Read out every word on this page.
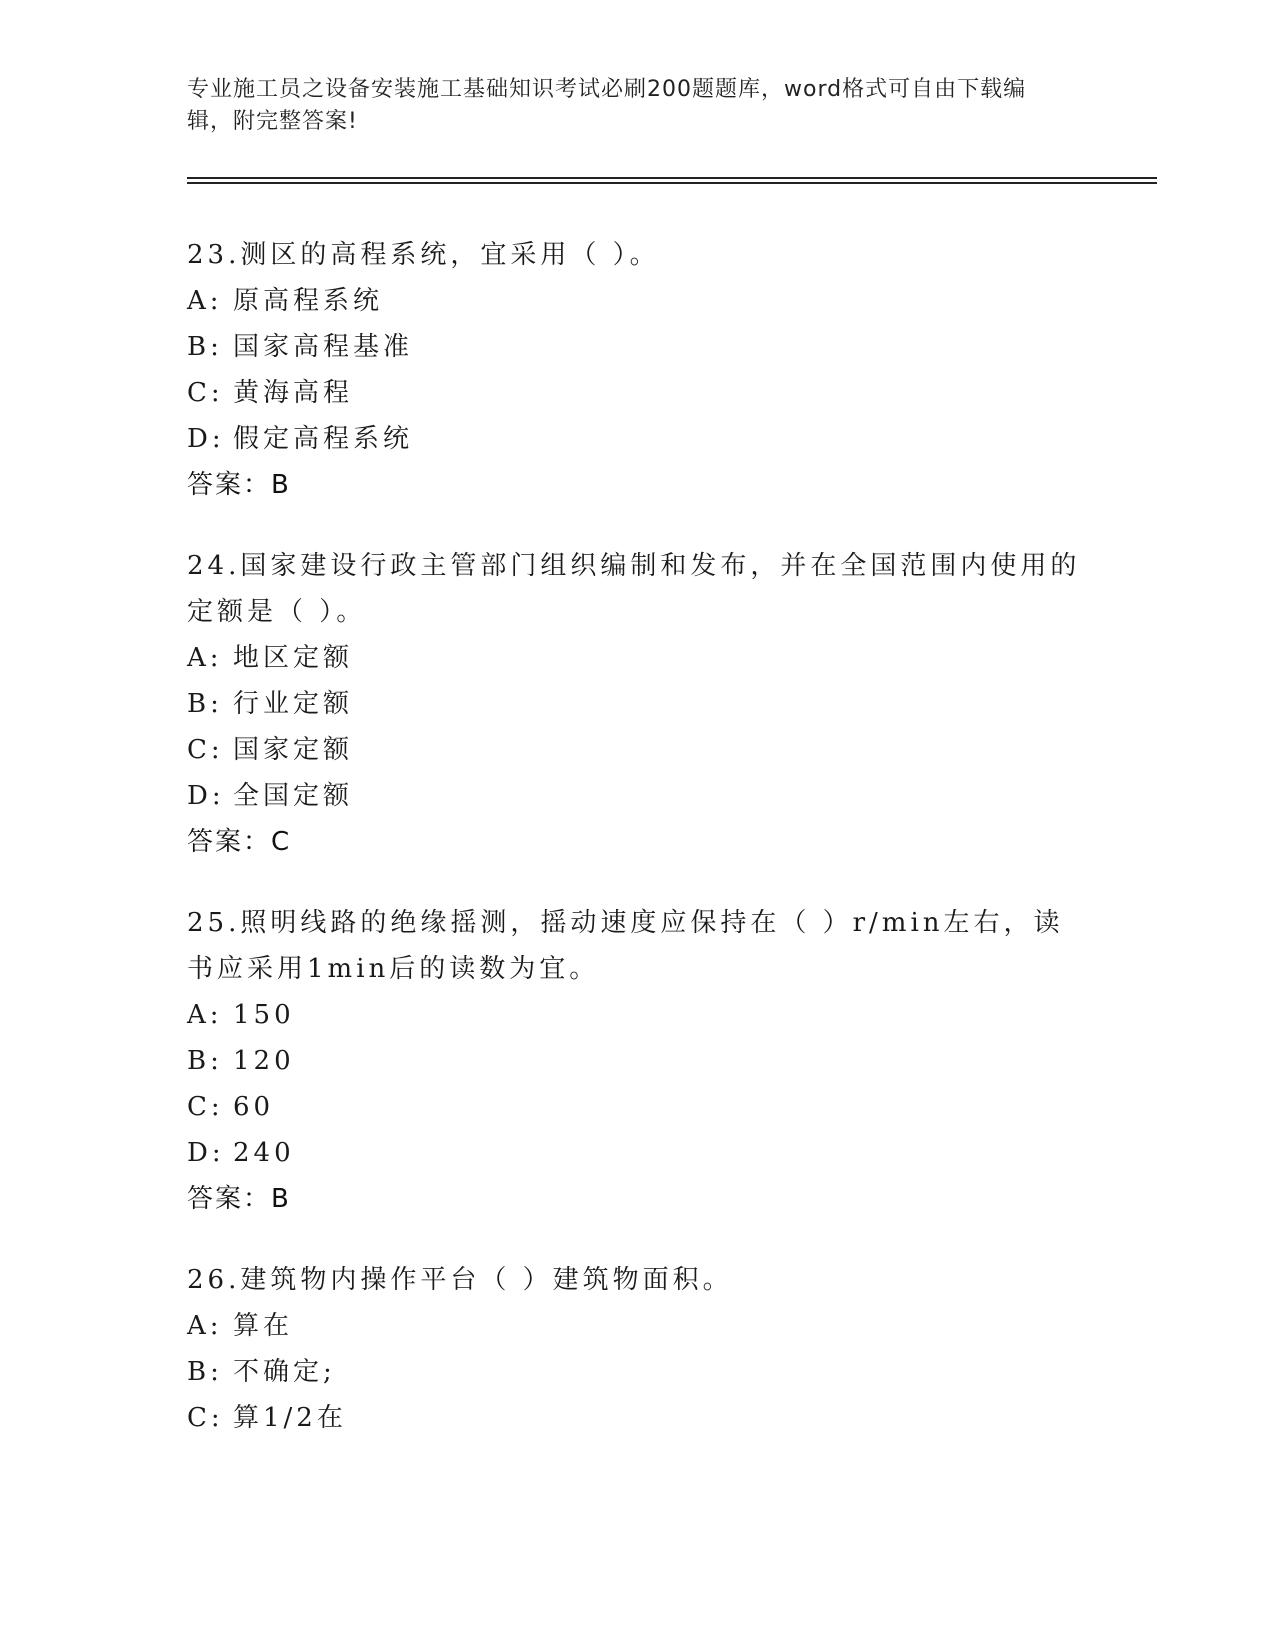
专业施工员之设备安装施工基础知识考试必刷200题题库，word格式可自由下载编辑，附完整答案!
23.测区的高程系统，宜采用（ ）。
A: 原高程系统
B: 国家高程基准
C: 黄海高程
D: 假定高程系统
答案：B
24.国家建设行政主管部门组织编制和发布，并在全国范围内使用的定额是（ ）。
A: 地区定额
B: 行业定额
C: 国家定额
D: 全国定额
答案：C
25.照明线路的绝缘摇测，摇动速度应保持在（ ）r/min左右，读书应采用1min后的读数为宜。
A: 150
B: 120
C: 60
D: 240
答案：B
26.建筑物内操作平台（ ）建筑物面积。
A: 算在
B: 不确定;
C: 算1/2在
